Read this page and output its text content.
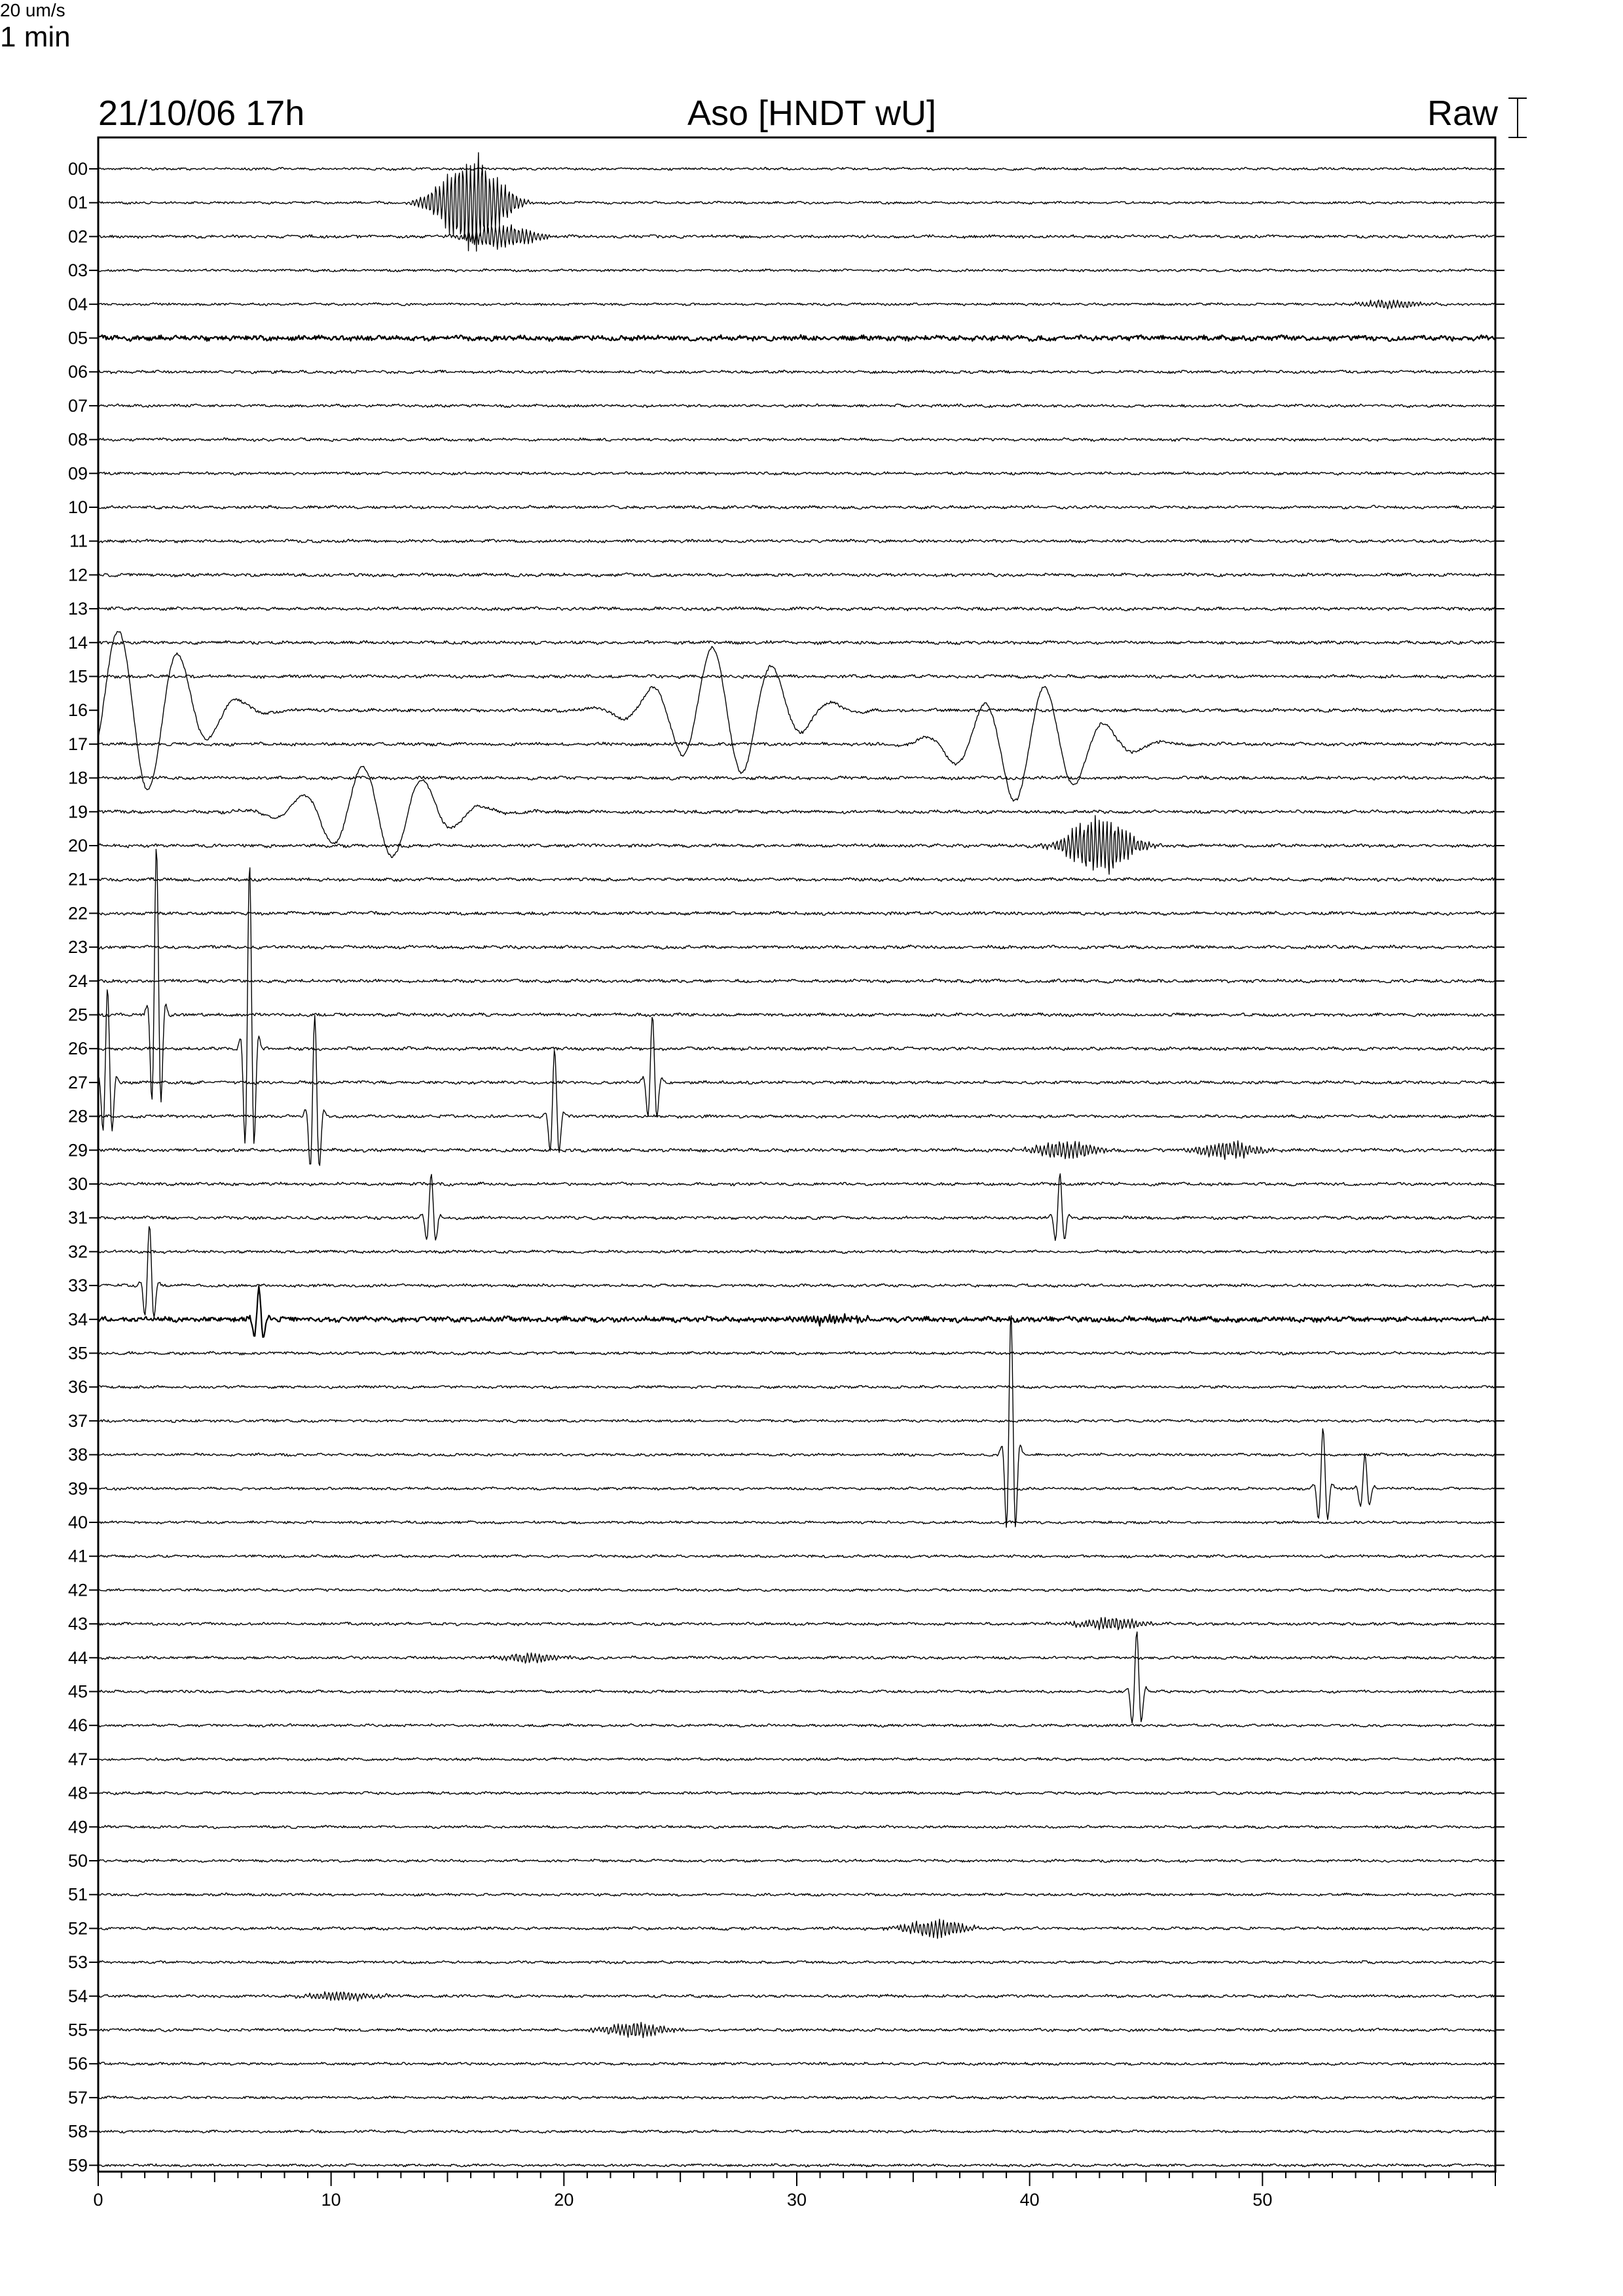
21/10/06 17h	Aso [HNDT wU]	Raw
20 um/s
1 min
00
01
02
03
04
05
06
07
08
09
10
11
12
13
14
15
16
17
18
19
20
21
22
23
24
25
26
27
28
29
30
31
32
33
34
35
36
37
38
39
40
41
42
43
44
45
46
47
48
49
50
51
52
53
54
55
56
57
58
59
0	10	20	30	40	50
